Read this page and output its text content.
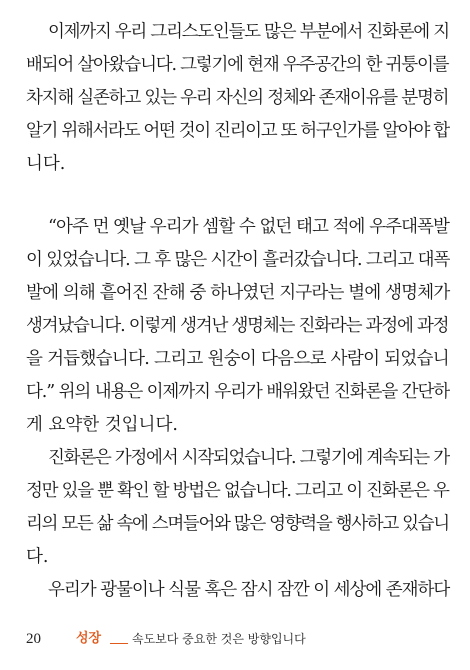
이제까지 우리 그리스도인들도 많은 부분에서 진화론에 지
배되어 살아왔습니다. 그렇기에 현재 우주공간의 한 귀퉁이를
차지해 실존하고 있는 우리 자신의 정체와 존재이유를 분명히
알기 위해서라도 어떤 것이 진리이고 또 허구인가를 알아야 합
니다.
“아주 먼 옛날 우리가 셈할 수 없던 태고 적에 우주대폭발
이 있었습니다. 그 후 많은 시간이 흘러갔습니다. 그리고 대폭
발에 의해 흩어진 잔해 중 하나였던 지구라는 별에 생명체가
생겨났습니다. 이렇게 생겨난 생명체는 진화라는 과정에 과정
을 거듭했습니다. 그리고 원숭이 다음으로 사람이 되었습니
다.” 위의 내용은 이제까지 우리가 배워왔던 진화론을 간단하
게 요약한 것입니다.
진화론은 가정에서 시작되었습니다. 그렇기에 계속되는 가
정만 있을 뿐 확인 할 방법은 없습니다. 그리고 이 진화론은 우
리의 모든 삶 속에 스며들어와 많은 영향력을 행사하고 있습니
다.
우리가 광물이나 식물 혹은 잠시 잠깐 이 세상에 존재하다
20	성장	속도보다 중요한 것은 방향입니다
